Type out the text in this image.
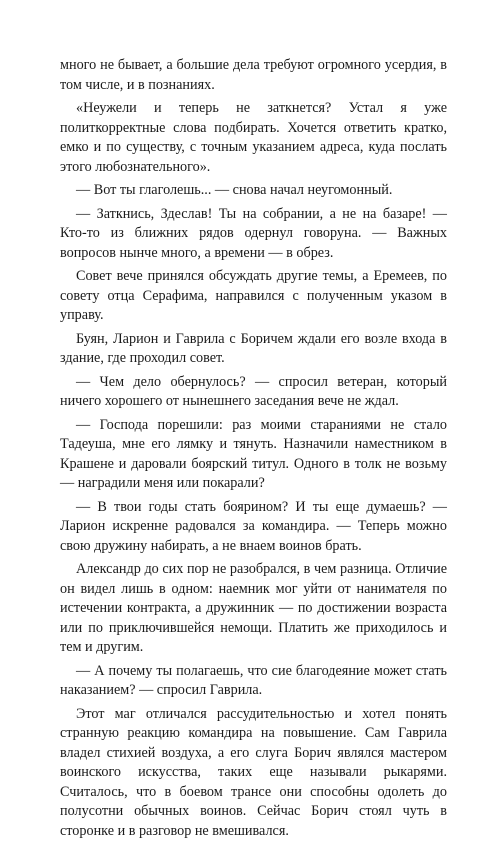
много не бывает, а большие дела требуют огромного усердия, в том числе, и в познаниях.

«Неужели и теперь не заткнется? Устал я уже политкорректные слова подбирать. Хочется ответить кратко, емко и по существу, с точным указанием адреса, куда послать этого любознательного».

— Вот ты глаголешь... — снова начал неугомонный.

— Заткнись, Здеслав! Ты на собрании, а не на базаре! — Кто-то из ближних рядов одернул говоруна. — Важных вопросов нынче много, а времени — в обрез.

Совет вече принялся обсуждать другие темы, а Еремеев, по совету отца Серафима, направился с полученным указом в управу.

Буян, Ларион и Гаврила с Боричем ждали его возле входа в здание, где проходил совет.

— Чем дело обернулось? — спросил ветеран, который ничего хорошего от нынешнего заседания вече не ждал.

— Господа порешили: раз моими стараниями не стало Тадеуша, мне его лямку и тянуть. Назначили наместником в Крашене и даровали боярский титул. Одного в толк не возьму — наградили меня или покарали?

— В твои годы стать боярином? И ты еще думаешь? — Ларион искренне радовался за командира. — Теперь можно свою дружину набирать, а не внаем воинов брать.

Александр до сих пор не разобрался, в чем разница. Отличие он видел лишь в одном: наемник мог уйти от нанимателя по истечении контракта, а дружинник — по достижении возраста или по приключившейся немощи. Платить же приходилось и тем и другим.

— А почему ты полагаешь, что сие благодеяние может стать наказанием? — спросил Гаврила.

Этот маг отличался рассудительностью и хотел понять странную реакцию командира на повышение. Сам Гаврила владел стихией воздуха, а его слуга Борич являлся мастером воинского искусства, таких еще называли рыкарями. Считалось, что в боевом трансе они способны одолеть до полусотни обычных воинов. Сейчас Борич стоял чуть в сторонке и в разговор не вмешивался.
